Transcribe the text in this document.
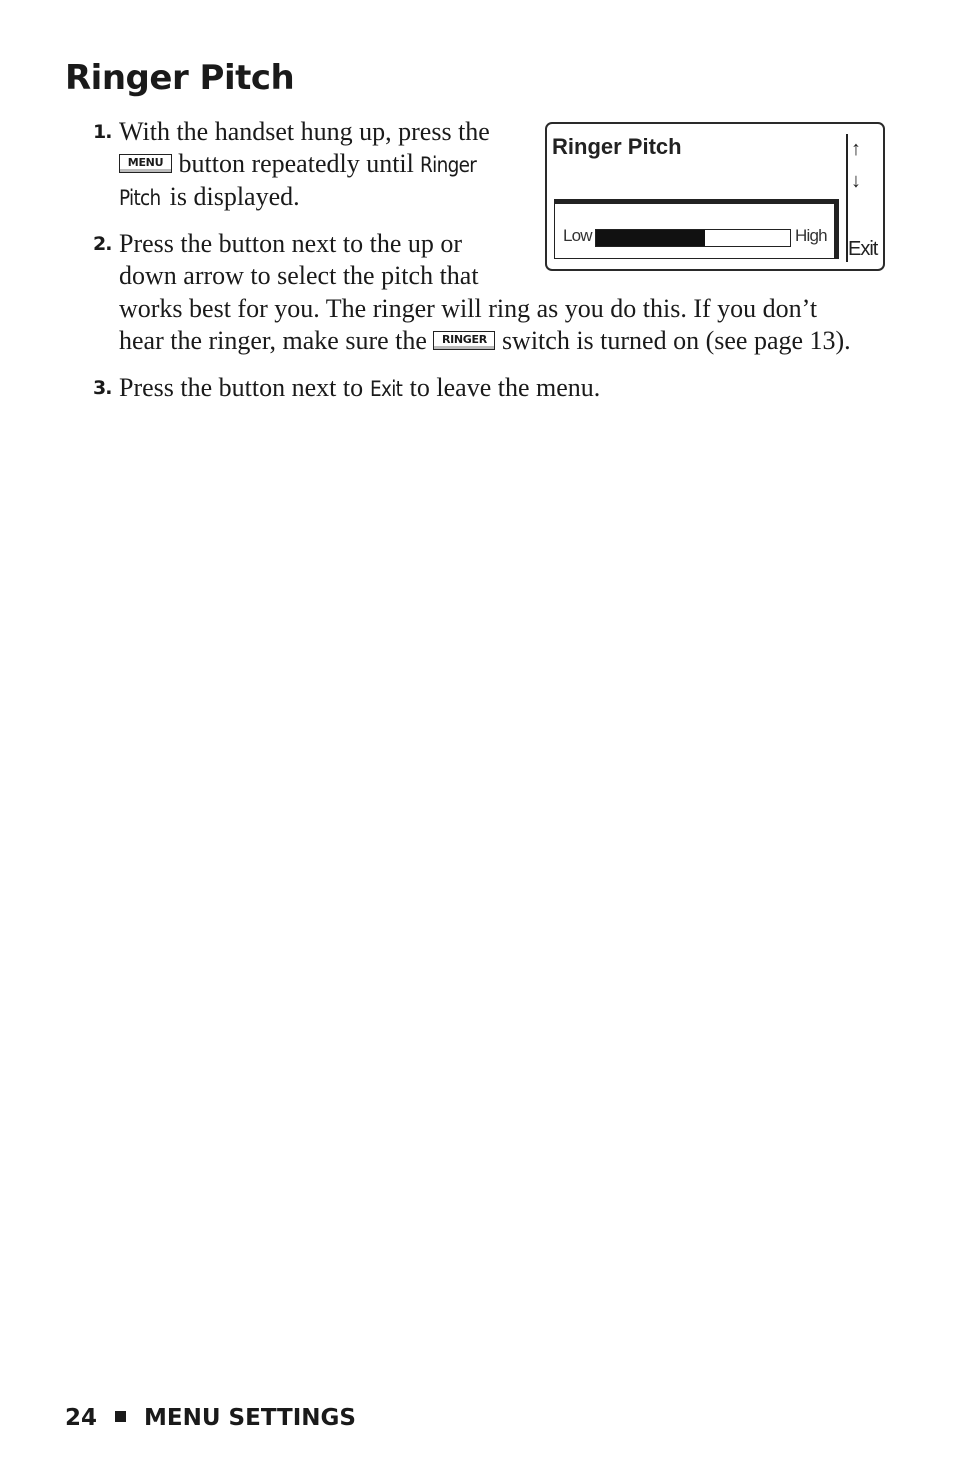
Ringer Pitch
1. With the handset hung up, press the
MENU button repeatedly until Ringer
Pitch is displayed.
2. Press the button next to the up or
down arrow to select the pitch that
works best for you. The ringer will ring as you do this. If you don’t
hear the ringer, make sure the RINGER switch is turned on (see page 13).
3. Press the button next to Exit to leave the menu.
Ringer Pitch	↑
↓
Exit
Low	High
24 MENU SETTINGS
